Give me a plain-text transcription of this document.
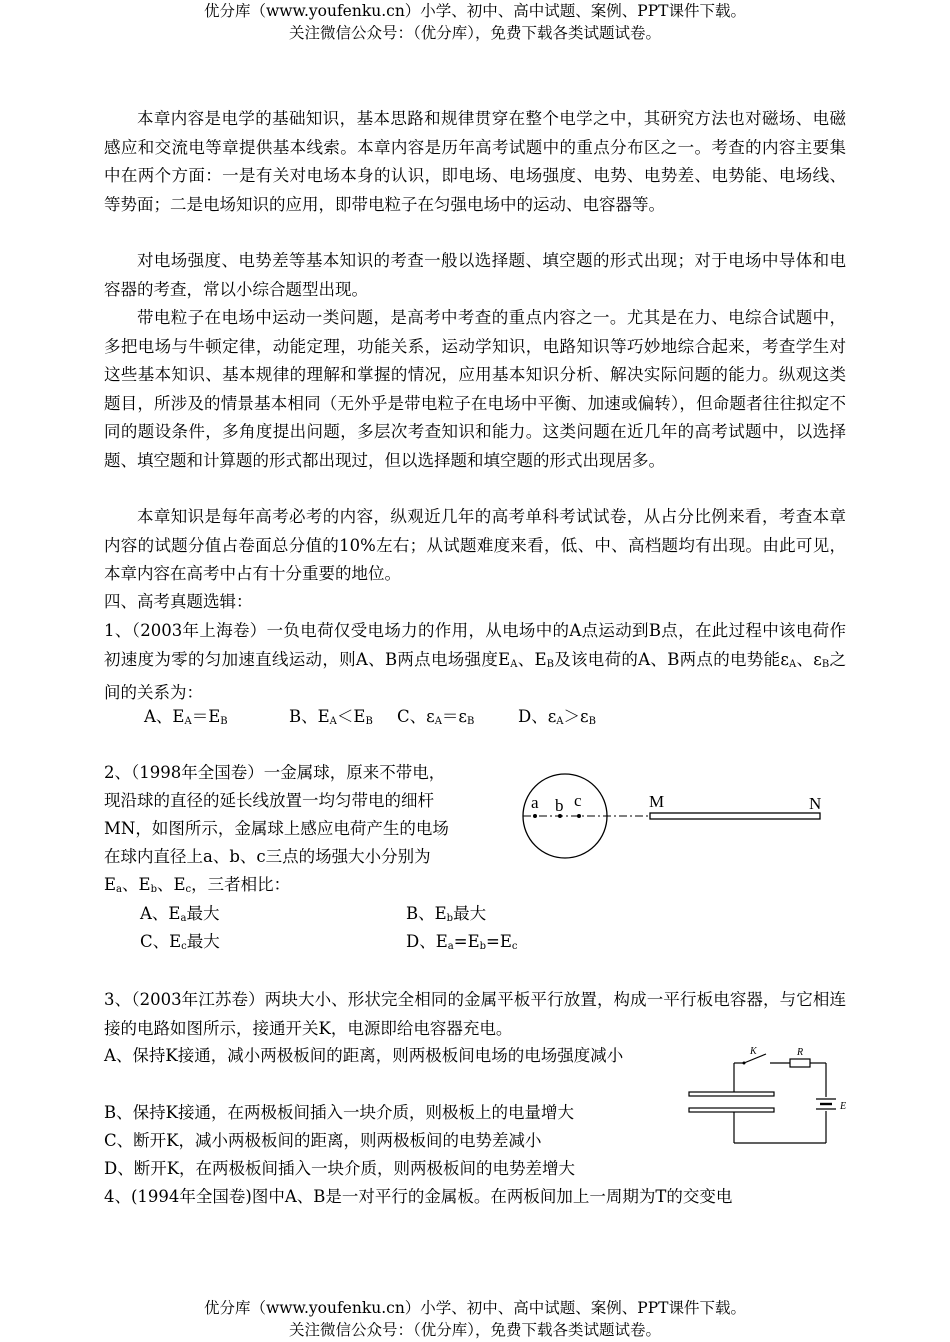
优分库（www.youfenku.cn）小学、初中、高中试题、案例、PPT课件下载。
关注微信公众号：（优分库），免费下载各类试题试卷。
本章内容是电学的基础知识，基本思路和规律贯穿在整个电学之中，其研究方法也对磁场、电磁感应和交流电等章提供基本线索。本章内容是历年高考试题中的重点分布区之一。考查的内容主要集中在两个方面：一是有关对电场本身的认识，即电场、电场强度、电势、电势差、电势能、电场线、等势面；二是电场知识的应用，即带电粒子在匀强电场中的运动、电容器等。
对电场强度、电势差等基本知识的考查一般以选择题、填空题的形式出现；对于电场中导体和电容器的考查，常以小综合题型出现。
带电粒子在电场中运动一类问题，是高考中考查的重点内容之一。尤其是在力、电综合试题中，多把电场与牛顿定律，动能定理，功能关系，运动学知识，电路知识等巧妙地综合起来，考查学生对这些基本知识、基本规律的理解和掌握的情况，应用基本知识分析、解决实际问题的能力。纵观这类题目，所涉及的情景基本相同（无外乎是带电粒子在电场中平衡、加速或偏转），但命题者往往拟定不同的题设条件，多角度提出问题，多层次考查知识和能力。这类问题在近几年的高考试题中，以选择题、填空题和计算题的形式都出现过，但以选择题和填空题的形式出现居多。
本章知识是每年高考必考的内容，纵观近几年的高考单科考试试卷，从占分比例来看，考查本章内容的试题分值占卷面总分值的10%左右；从试题难度来看，低、中、高档题均有出现。由此可见，本章内容在高考中占有十分重要的地位。
四、高考真题选辑：
1、（2003年上海卷）一负电荷仅受电场力的作用，从电场中的A点运动到B点，在此过程中该电荷作初速度为零的匀加速直线运动，则A、B两点电场强度$E_A$、$E_B$及该电荷的A、B两点的电势能$\varepsilon_A$、$\varepsilon_B$之间的关系为：
A、$E_A=E_B$	B、$E_A<E_B$ C、$\varepsilon_A=\varepsilon_B$	D、$\varepsilon_A>\varepsilon_B$
2、（1998年全国卷）一金属球，原来不带电，
现沿球的直径的延长线放置一均匀带电的细杆
MN，如图所示，金属球上感应电荷产生的电场
在球内直径上a、b、c三点的场强大小分别为
$E_a$、$E_b$、$E_c$，三者相比：
A、$E_a$最大	B、$E_b$最大
C、$E_c$最大	D、$E_a=E_b=E_c$
a b c	M	N
3、（2003年江苏卷）两块大小、形状完全相同的金属平板平行放置，构成一平行板电容器，与它相连接的电路如图所示，接通开关K，电源即给电容器充电。
A、保持K接通，减小两极板间的距离，则两极板间电场的电场强度减小
B、保持K接通，在两极板间插入一块介质，则极板上的电量增大
C、断开K，减小两极板间的距离，则两极板间的电势差减小
D、断开K，在两极板间插入一块介质，则两极板间的电势差增大
K	R
E
4、(1994年全国卷)图中A、B是一对平行的金属板。在两板间加上一周期为T的交变电
优分库（www.youfenku.cn）小学、初中、高中试题、案例、PPT课件下载。
关注微信公众号：（优分库），免费下载各类试题试卷。
